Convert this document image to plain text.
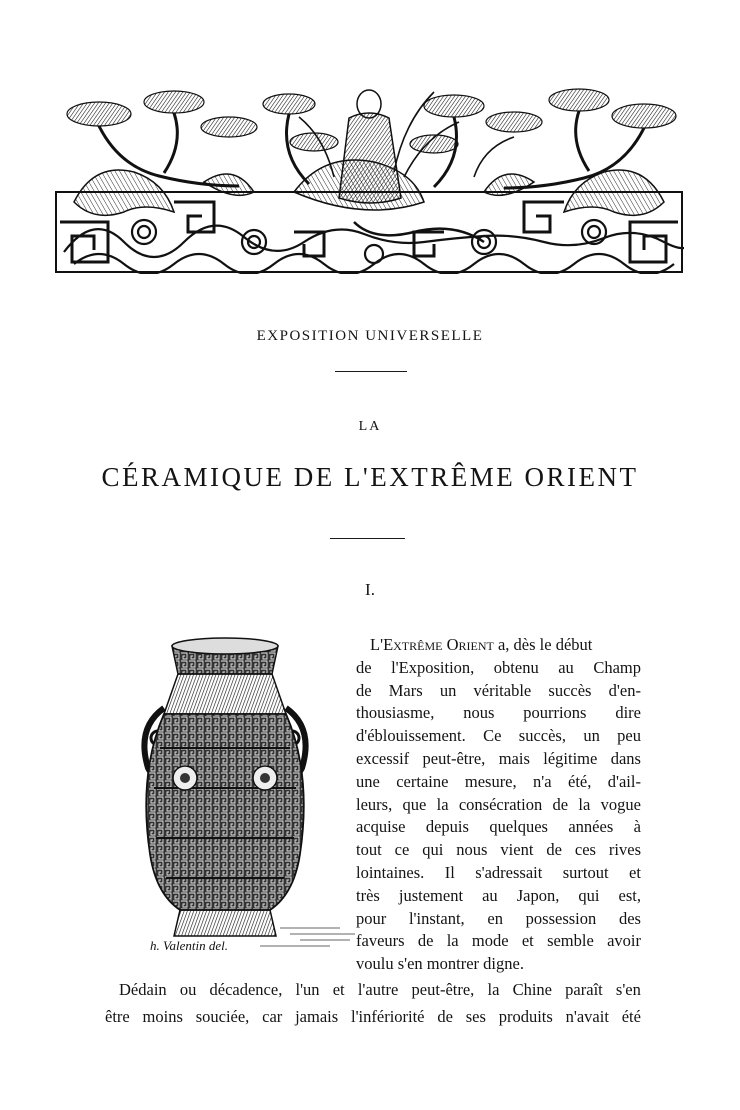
EXPOSITION UNIVERSELLE
LA
CÉRAMIQUE DE L'EXTRÊME ORIENT
I.
h. Valentin del.
L' Extrême
Orient a, dès le début
de l'Exposition, obtenu au Champ
de Mars un véritable succès d'en-
thousiasme, nous pourrions dire
d'éblouissement. Ce succès, un peu
excessif peut-être, mais légitime dans
une certaine mesure, n'a été, d'ail-
leurs, que la consécration de la vogue
acquise depuis quelques années à
tout ce qui nous vient de ces rives
lointaines. Il s'adressait surtout et
très justement au Japon, qui est,
pour l'instant, en possession des
faveurs de la mode et semble avoir
voulu s'en montrer digne.
Dédain ou décadence, l'un et l'autre peut-être, la Chine paraît s'en
être moins souciée, car jamais l'infériorité de ses produits n'avait été
